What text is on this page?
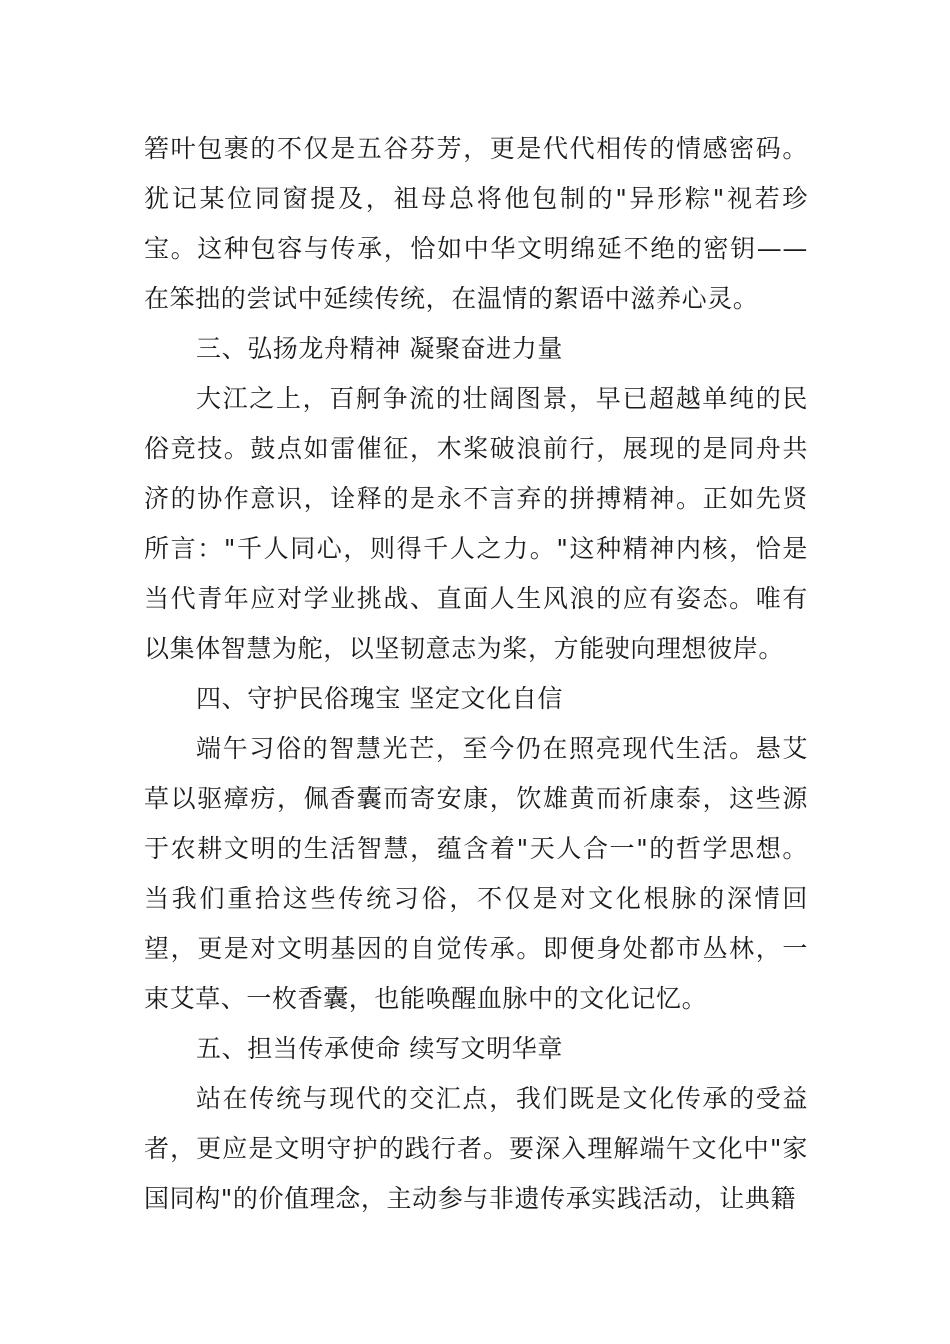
箬叶包裹的不仅是五谷芬芳，更是代代相传的情感密码。犹记某位同窗提及，祖母总将他包制的"异形粽"视若珍宝。这种包容与传承，恰如中华文明绵延不绝的密钥——在笨拙的尝试中延续传统，在温情的絮语中滋养心灵。

三、弘扬龙舟精神 凝聚奋进力量

大江之上，百舸争流的壮阔图景，早已超越单纯的民俗竞技。鼓点如雷催征，木桨破浪前行，展现的是同舟共济的协作意识，诠释的是永不言弃的拼搏精神。正如先贤所言："千人同心，则得千人之力。"这种精神内核，恰是当代青年应对学业挑战、直面人生风浪的应有姿态。唯有以集体智慧为舵，以坚韧意志为桨，方能驶向理想彼岸。

四、守护民俗瑰宝 坚定文化自信

端午习俗的智慧光芒，至今仍在照亮现代生活。悬艾草以驱瘴疠，佩香囊而寄安康，饮雄黄而祈康泰，这些源于农耕文明的生活智慧，蕴含着"天人合一"的哲学思想。当我们重拾这些传统习俗，不仅是对文化根脉的深情回望，更是对文明基因的自觉传承。即便身处都市丛林，一束艾草、一枚香囊，也能唤醒血脉中的文化记忆。

五、担当传承使命 续写文明华章

站在传统与现代的交汇点，我们既是文化传承的受益者，更应是文明守护的践行者。要深入理解端午文化中"家国同构"的价值理念，主动参与非遗传承实践活动，让典籍
